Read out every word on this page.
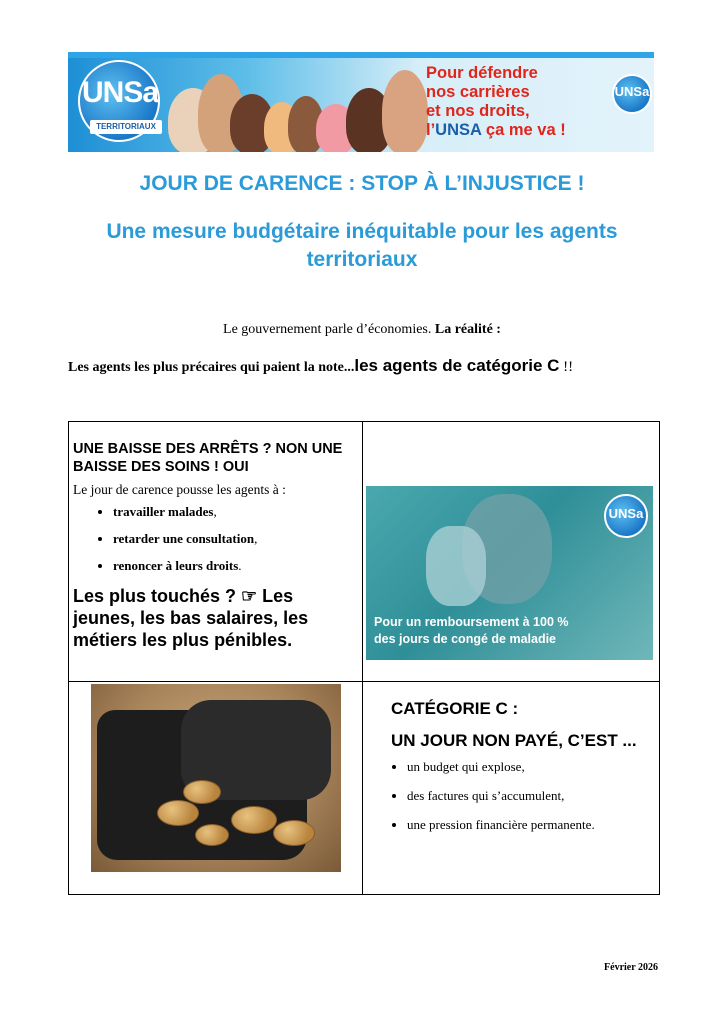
UNSa
TERRITORIAUX
Pour défendre
nos carrières
et nos droits,
l’UNSA ça me va !
UNSa
JOUR DE CARENCE : STOP À L’INJUSTICE !
Une mesure budgétaire inéquitable pour les agents territoriaux
Le gouvernement parle d’économies. La réalité :
Les agents les plus précaires qui paient la note...les agents de catégorie C !!

UNE BAISSE DES ARRÊTS ? NON UNE BAISSE DES SOINS ! OUI

Le jour de carence pousse les agents à :

• travailler malades,
• retarder une consultation,
• renoncer à leurs droits.

Les plus touchés ? ☞ Les jeunes, les bas salaires, les métiers les plus pénibles.

UNSa
Pour un remboursement à 100 %
des jours de congé de maladie

CATÉGORIE C :

UN JOUR NON PAYÉ, C’EST ...

• un budget qui explose,
• des factures qui s’accumulent,
• une pression financière permanente.
Février 2026
